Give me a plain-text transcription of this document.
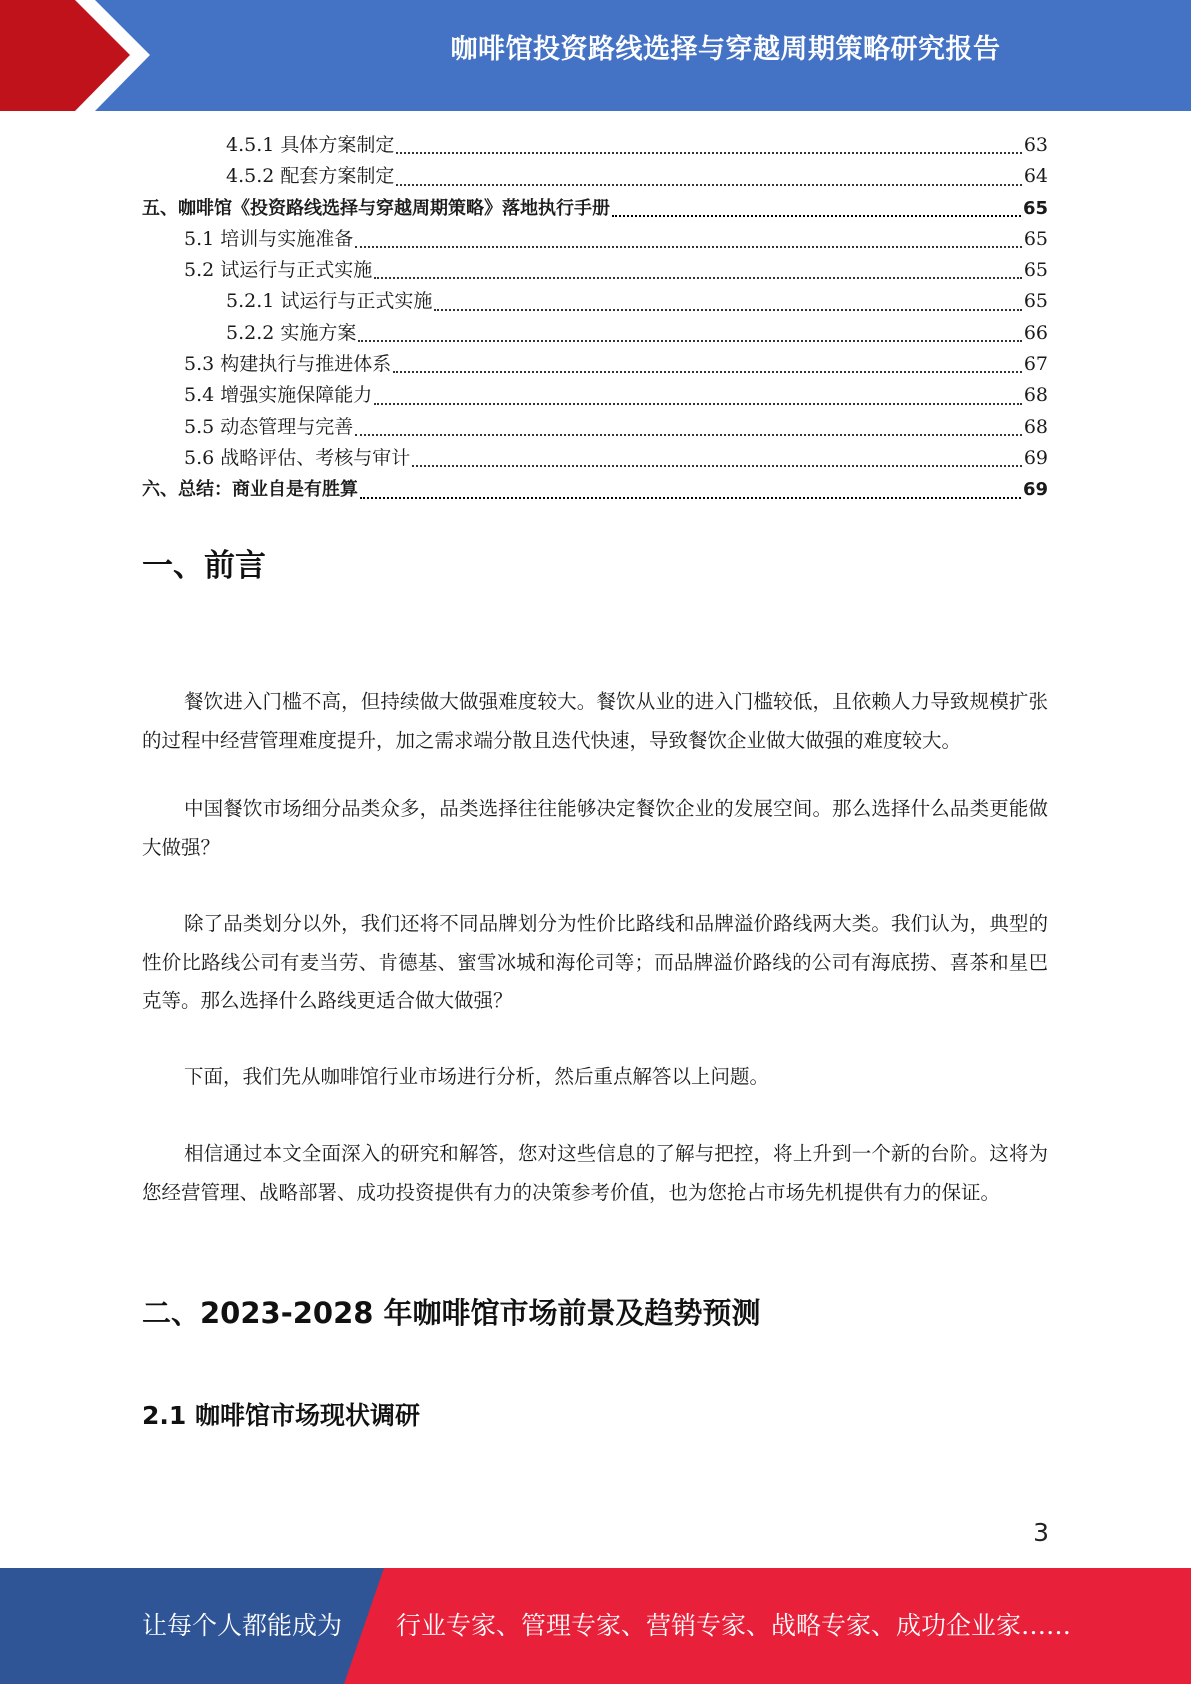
咖啡馆投资路线选择与穿越周期策略研究报告
4.5.1 具体方案制定	63
4.5.2 配套方案制定	64
五、咖啡馆《投资路线选择与穿越周期策略》落地执行手册	65
5.1 培训与实施准备	65
5.2 试运行与正式实施	65
5.2.1 试运行与正式实施	65
5.2.2 实施方案	66
5.3 构建执行与推进体系	67
5.4 增强实施保障能力	68
5.5 动态管理与完善	68
5.6 战略评估、考核与审计	69
六、总结：商业自是有胜算	69
一、前言

餐饮进入门槛不高，但持续做大做强难度较大。餐饮从业的进入门槛较低，且依赖人力导致规模扩张的过程中经营管理难度提升，加之需求端分散且迭代快速，导致餐饮企业做大做强的难度较大。

中国餐饮市场细分品类众多，品类选择往往能够决定餐饮企业的发展空间。那么选择什么品类更能做大做强？

除了品类划分以外，我们还将不同品牌划分为性价比路线和品牌溢价路线两大类。我们认为，典型的性价比路线公司有麦当劳、肯德基、蜜雪冰城和海伦司等；而品牌溢价路线的公司有海底捞、喜茶和星巴克等。那么选择什么路线更适合做大做强？

下面，我们先从咖啡馆行业市场进行分析，然后重点解答以上问题。

相信通过本文全面深入的研究和解答，您对这些信息的了解与把控，将上升到一个新的台阶。这将为您经营管理、战略部署、成功投资提供有力的决策参考价值，也为您抢占市场先机提供有力的保证。

二、2023-2028 年咖啡馆市场前景及趋势预测
2.1 咖啡馆市场现状调研
3
让每个人都能成为 行业专家、管理专家、营销专家、战略专家、成功企业家……
